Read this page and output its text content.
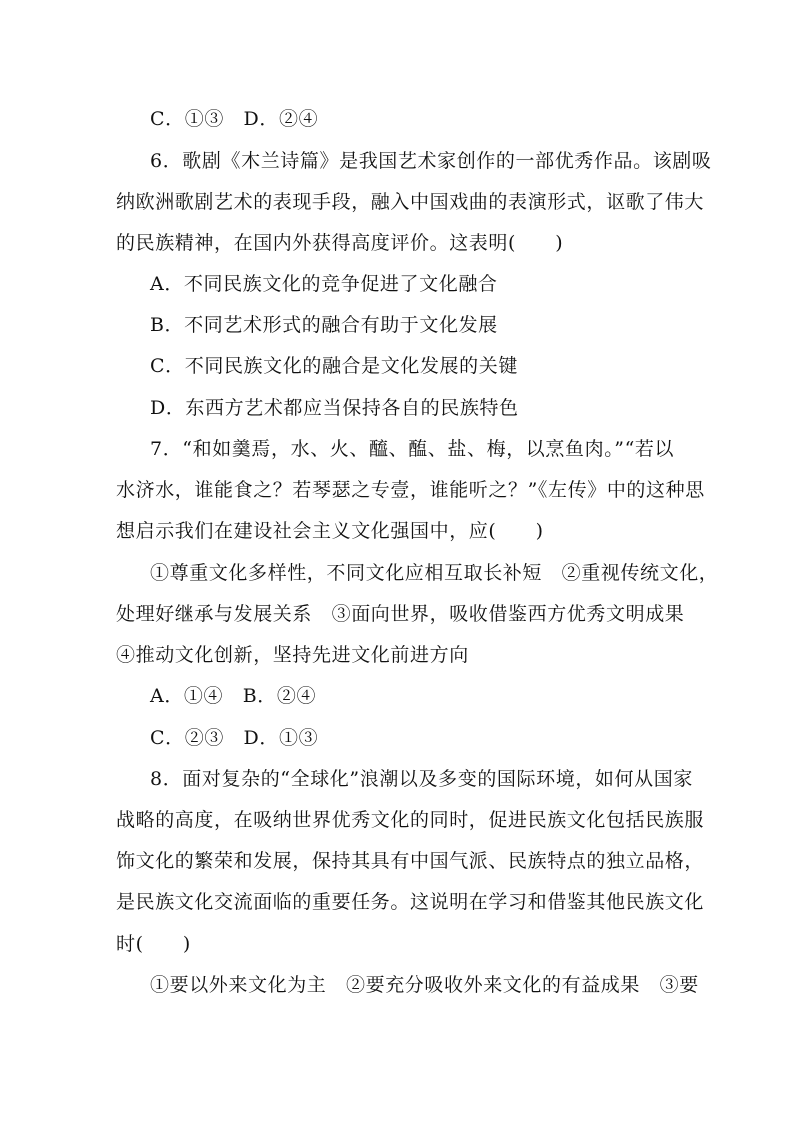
C．①③　D．②④
6．歌剧《木兰诗篇》是我国艺术家创作的一部优秀作品。该剧吸
纳欧洲歌剧艺术的表现手段，融入中国戏曲的表演形式，讴歌了伟大
的民族精神，在国内外获得高度评价。这表明(　　)
A．不同民族文化的竞争促进了文化融合
B．不同艺术形式的融合有助于文化发展
C．不同民族文化的融合是文化发展的关键
D．东西方艺术都应当保持各自的民族特色
7．“和如羹焉，水、火、醯、醢、盐、梅，以烹鱼肉。”“若以
水济水，谁能食之？若琴瑟之专壹，谁能听之？”《左传》中的这种思
想启示我们在建设社会主义文化强国中，应(　　)
①尊重文化多样性，不同文化应相互取长补短　②重视传统文化，
处理好继承与发展关系　③面向世界，吸收借鉴西方优秀文明成果
④推动文化创新，坚持先进文化前进方向
A．①④　B．②④
C．②③　D．①③
8．面对复杂的“全球化”浪潮以及多变的国际环境，如何从国家
战略的高度，在吸纳世界优秀文化的同时，促进民族文化包括民族服
饰文化的繁荣和发展，保持其具有中国气派、民族特点的独立品格，
是民族文化交流面临的重要任务。这说明在学习和借鉴其他民族文化
时(　　)
①要以外来文化为主　②要充分吸收外来文化的有益成果　③要
